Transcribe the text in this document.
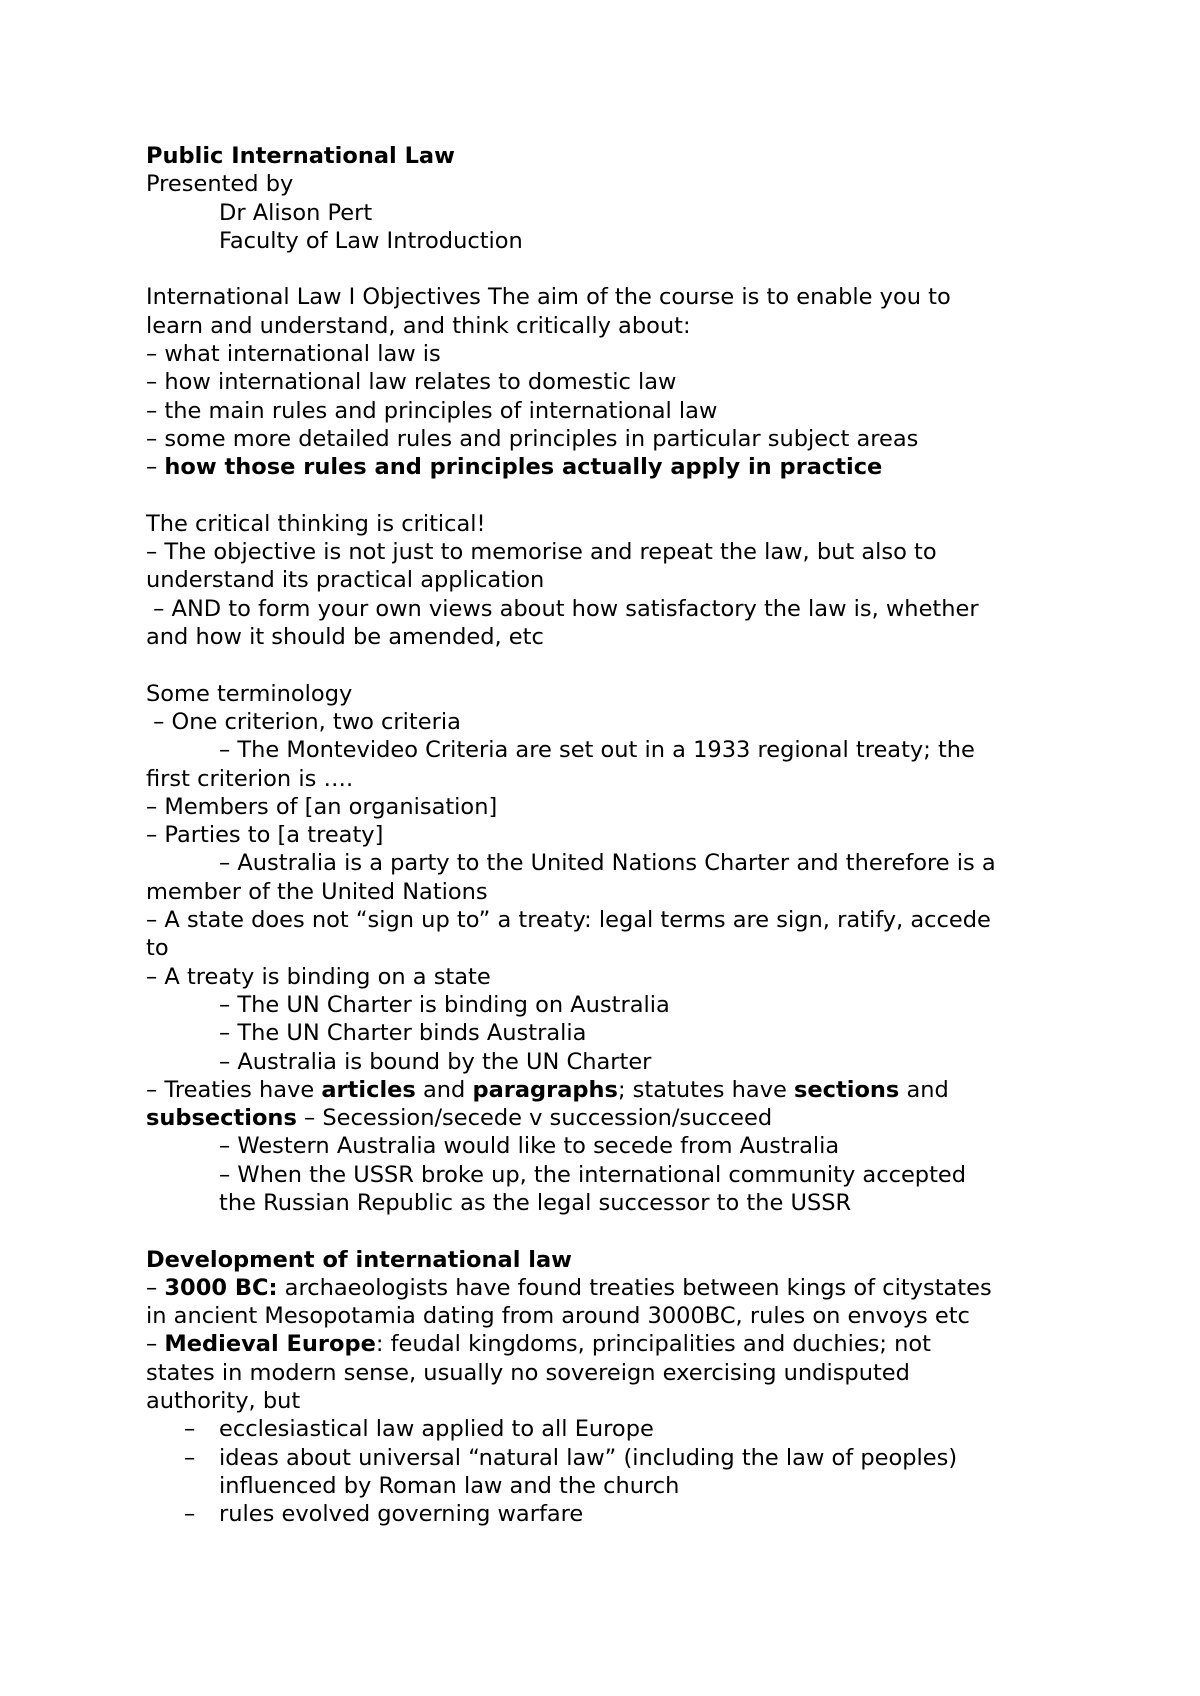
Public International Law
Presented by
Dr Alison Pert
Faculty of Law Introduction
International Law I Objectives The aim of the course is to enable you to
learn and understand, and think critically about:
– what international law is
– how international law relates to domestic law
– the main rules and principles of international law
– some more detailed rules and principles in particular subject areas
– how those rules and principles actually apply in practice
The critical thinking is critical!
– The objective is not just to memorise and repeat the law, but also to
understand its practical application
– AND to form your own views about how satisfactory the law is, whether
and how it should be amended, etc
Some terminology
– One criterion, two criteria
– The Montevideo Criteria are set out in a 1933 regional treaty; the
first criterion is ….
– Members of [an organisation]
– Parties to [a treaty]
– Australia is a party to the United Nations Charter and therefore is a
member of the United Nations
– A state does not “sign up to” a treaty: legal terms are sign, ratify, accede
to
– A treaty is binding on a state
– The UN Charter is binding on Australia
– The UN Charter binds Australia
– Australia is bound by the UN Charter
– Treaties have articles and paragraphs; statutes have sections and
subsections – Secession/secede v succession/succeed
– Western Australia would like to secede from Australia
– When the USSR broke up, the international community accepted
the Russian Republic as the legal successor to the USSR
Development of international law
– 3000 BC: archaeologists have found treaties between kings of citystates
in ancient Mesopotamia dating from around 3000BC, rules on envoys etc
– Medieval Europe: feudal kingdoms, principalities and duchies; not
states in modern sense, usually no sovereign exercising undisputed
authority, but
– ecclesiastical law applied to all Europe
– ideas about universal “natural law” (including the law of peoples)
influenced by Roman law and the church
– rules evolved governing warfare
